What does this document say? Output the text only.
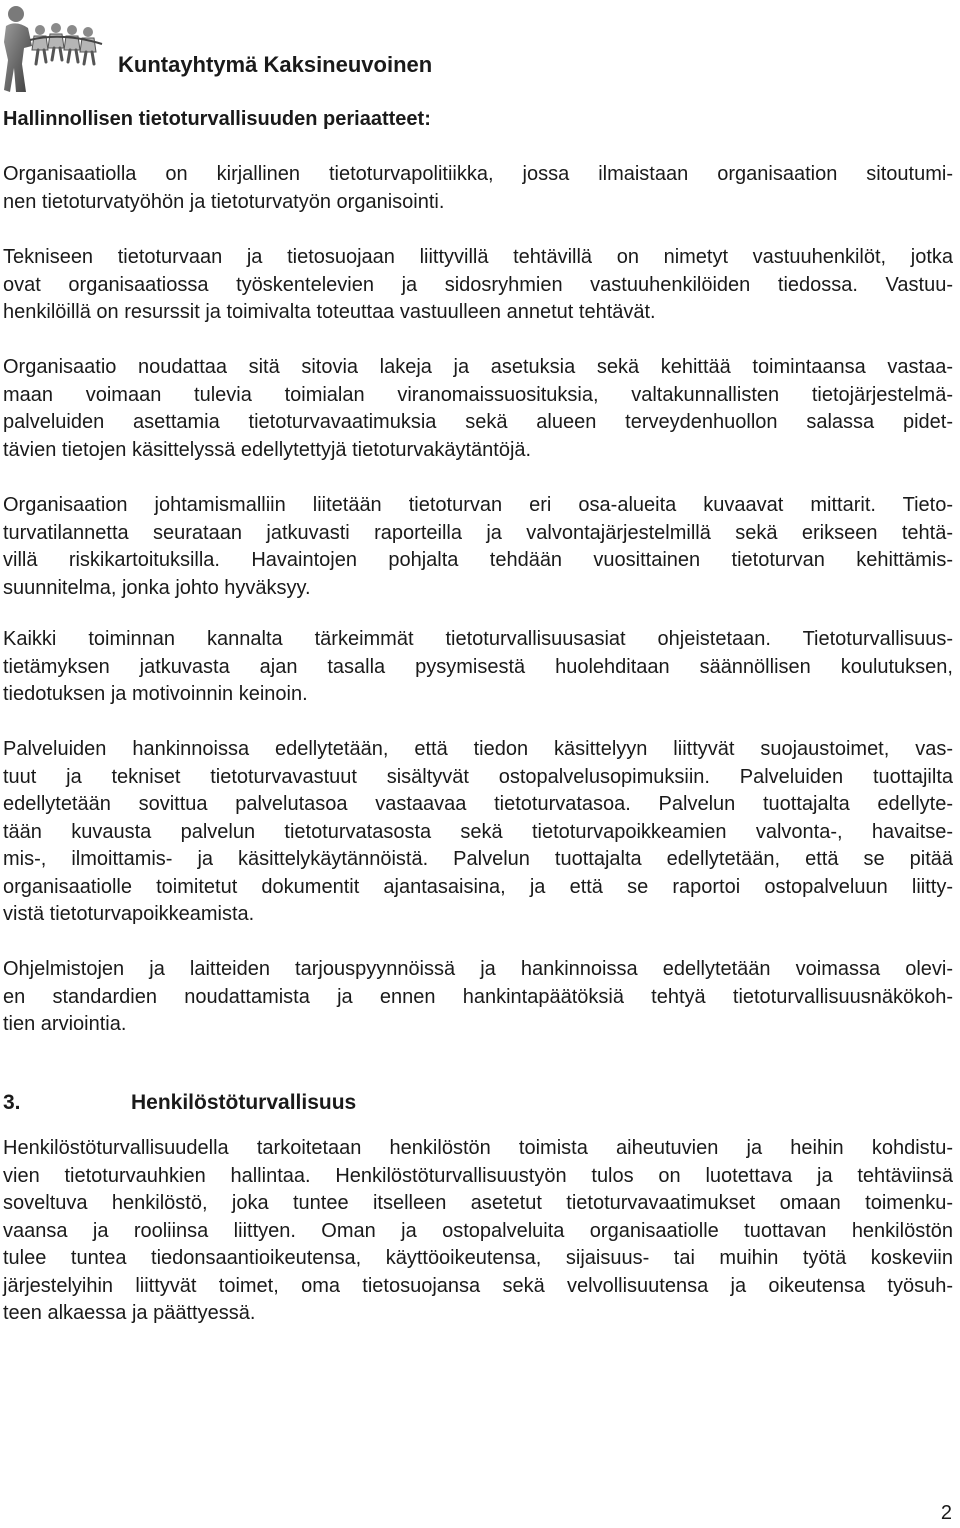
Kuntayhtymä Kaksineuvoinen
Hallinnollisen tietoturvallisuuden periaatteet:
Organisaatiolla on kirjallinen tietoturvapolitiikka, jossa ilmaistaan organisaation sitoutumi-
nen tietoturvatyöhön ja tietoturvatyön organisointi.
Tekniseen tietoturvaan ja tietosuojaan liittyvillä tehtävillä on nimetyt vastuuhenkilöt, jotka
ovat organisaatiossa työskentelevien ja sidosryhmien vastuuhenkilöiden tiedossa. Vastuu-
henkilöillä on resurssit ja toimivalta toteuttaa vastuulleen annetut tehtävät.
Organisaatio noudattaa sitä sitovia lakeja ja asetuksia sekä kehittää toimintaansa vastaa-
maan voimaan tulevia toimialan viranomaissuosituksia, valtakunnallisten tietojärjestelmä-
palveluiden asettamia tietoturvavaatimuksia sekä alueen terveydenhuollon salassa pidet-
tävien tietojen käsittelyssä edellytettyjä tietoturvakäytäntöjä.
Organisaation johtamismalliin liitetään tietoturvan eri osa-alueita kuvaavat mittarit. Tieto-
turvatilannetta seurataan jatkuvasti raporteilla ja valvontajärjestelmillä sekä erikseen tehtä-
villä riskikartoituksilla. Havaintojen pohjalta tehdään vuosittainen tietoturvan kehittämis-
suunnitelma, jonka johto hyväksyy.
Kaikki toiminnan kannalta tärkeimmät tietoturvallisuusasiat ohjeistetaan. Tietoturvallisuus-
tietämyksen jatkuvasta ajan tasalla pysymisestä huolehditaan säännöllisen koulutuksen,
tiedotuksen ja motivoinnin keinoin.
Palveluiden hankinnoissa edellytetään, että tiedon käsittelyyn liittyvät suojaustoimet, vas-
tuut ja tekniset tietoturvavastuut sisältyvät ostopalvelusopimuksiin. Palveluiden tuottajilta
edellytetään sovittua palvelutasoa vastaavaa tietoturvatasoa. Palvelun tuottajalta edellyte-
tään kuvausta palvelun tietoturvatasosta sekä tietoturvapoikkeamien valvonta-, havaitse-
mis-, ilmoittamis- ja käsittelykäytännöistä. Palvelun tuottajalta edellytetään, että se pitää
organisaatiolle toimitetut dokumentit ajantasaisina, ja että se raportoi ostopalveluun liitty-
vistä tietoturvapoikkeamista.
Ohjelmistojen ja laitteiden tarjouspyynnöissä ja hankinnoissa edellytetään voimassa olevi-
en standardien noudattamista ja ennen hankintapäätöksiä tehtyä tietoturvallisuusnäkökoh-
tien arviointia.
3.	Henkilöstöturvallisuus
Henkilöstöturvallisuudella tarkoitetaan henkilöstön toimista aiheutuvien ja heihin kohdistu-
vien tietoturvauhkien hallintaa. Henkilöstöturvallisuustyön tulos on luotettava ja tehtäviinsä
soveltuva henkilöstö, joka tuntee itselleen asetetut tietoturvavaatimukset omaan toimenku-
vaansa ja rooliinsa liittyen. Oman ja ostopalveluita organisaatiolle tuottavan henkilöstön
tulee tuntea tiedonsaantioikeutensa, käyttöoikeutensa, sijaisuus- tai muihin työtä koskeviin
järjestelyihin liittyvät toimet, oma tietosuojansa sekä velvollisuutensa ja oikeutensa työsuh-
teen alkaessa ja päättyessä.
2
